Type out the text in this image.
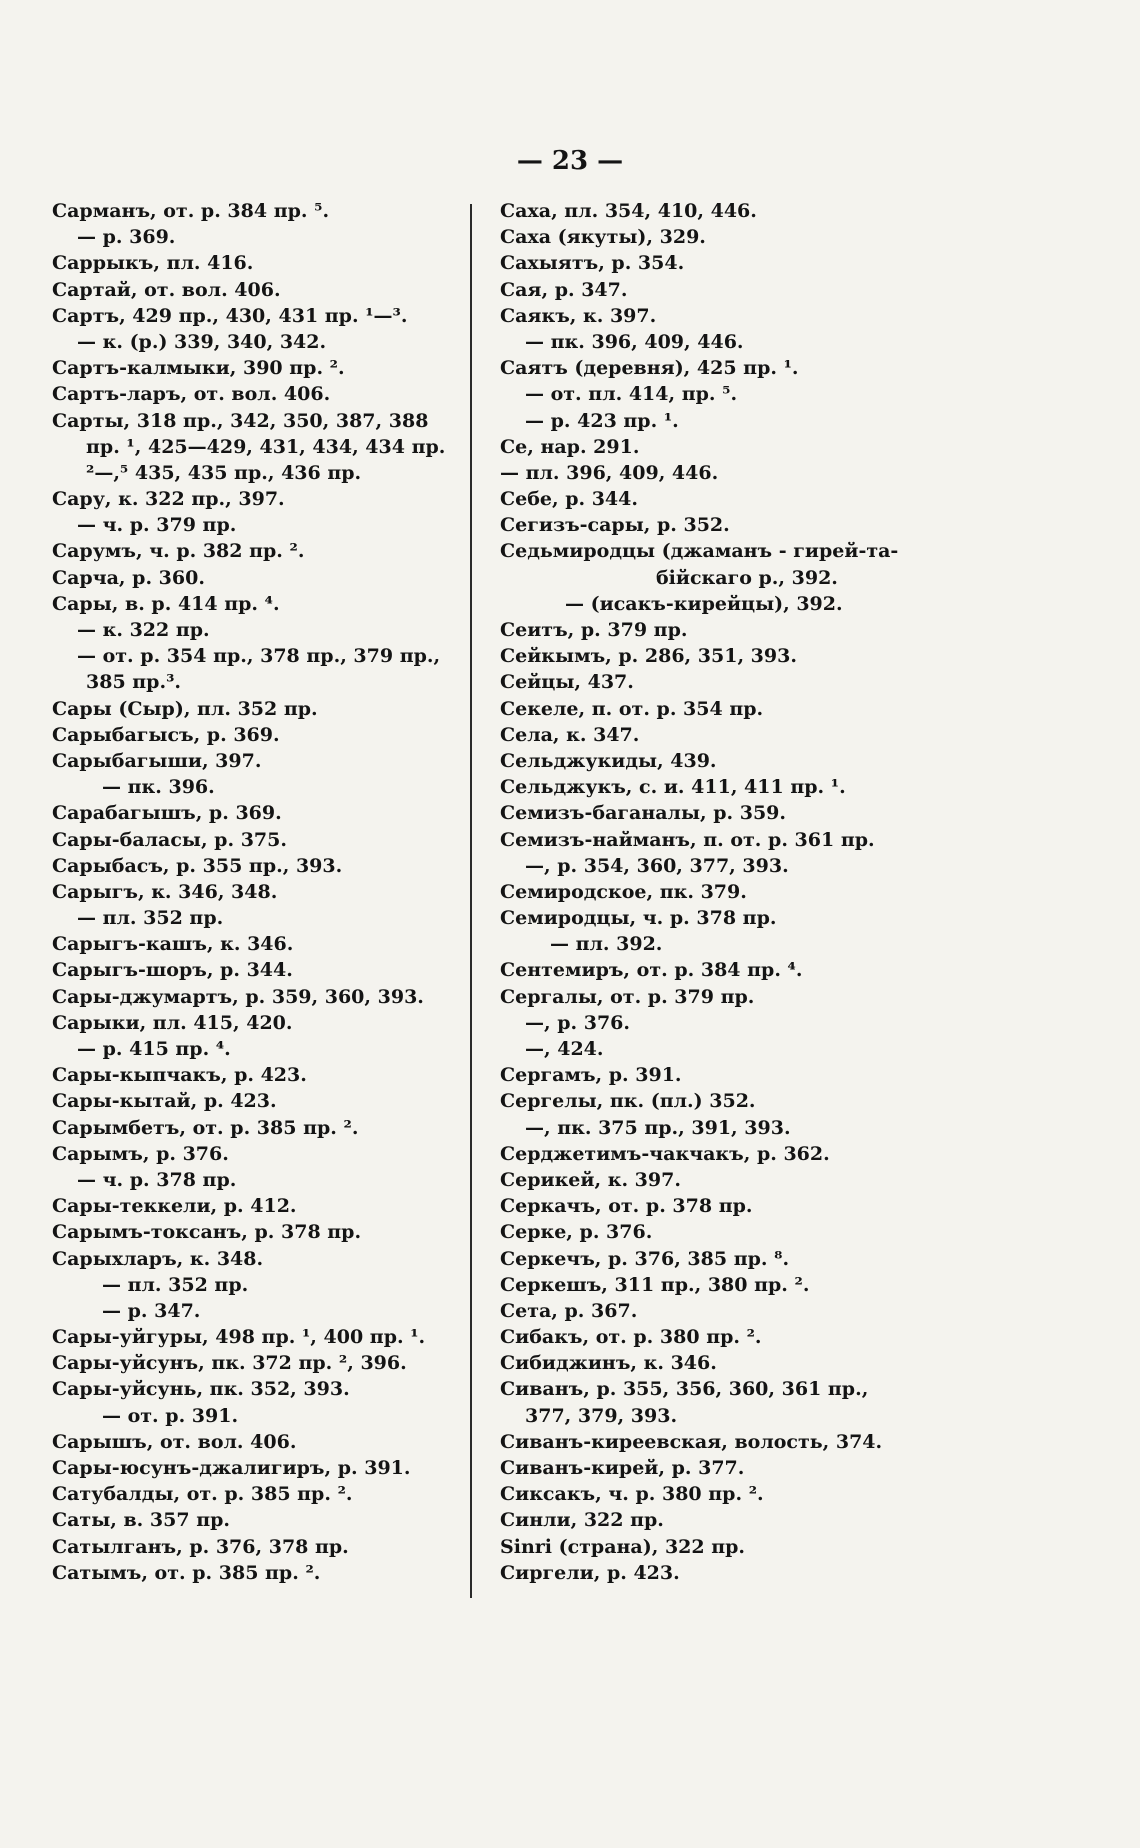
— 23 —
Сарманъ, от. р. 384 пр. ⁵.
— р. 369.
Саррыкъ, пл. 416.
Сартай, от. вол. 406.
Сартъ, 429 пр., 430, 431 пр. ¹—³.
— к. (р.) 339, 340, 342.
Сартъ-калмыки, 390 пр. ².
Сартъ-ларъ, от. вол. 406.
Сарты, 318 пр., 342, 350, 387, 388
пр. ¹, 425—429, 431, 434, 434 пр.
²—,⁵ 435, 435 пр., 436 пр.
Сару, к. 322 пр., 397.
— ч. р. 379 пр.
Сарумъ, ч. р. 382 пр. ².
Сарча, р. 360.
Сары, в. р. 414 пр. ⁴.
— к. 322 пр.
— от. р. 354 пр., 378 пр., 379 пр.,
385 пр.³.
Сары (Сыр), пл. 352 пр.
Сарыбагысъ, р. 369.
Сарыбагыши, 397.
— пк. 396.
Сарабагышъ, р. 369.
Сары-баласы, р. 375.
Сарыбасъ, р. 355 пр., 393.
Сарыгъ, к. 346, 348.
— пл. 352 пр.
Сарыгъ-кашъ, к. 346.
Сарыгъ-шоръ, р. 344.
Сары-джумартъ, р. 359, 360, 393.
Сарыки, пл. 415, 420.
— р. 415 пр. ⁴.
Сары-кыпчакъ, р. 423.
Сары-кытай, р. 423.
Сарымбетъ, от. р. 385 пр. ².
Сарымъ, р. 376.
— ч. р. 378 пр.
Сары-теккели, р. 412.
Сарымъ-токсанъ, р. 378 пр.
Сарыхларъ, к. 348.
— пл. 352 пр.
— р. 347.
Сары-уйгуры, 498 пр. ¹, 400 пр. ¹.
Сары-уйсунъ, пк. 372 пр. ², 396.
Сары-уйсунь, пк. 352, 393.
— от. р. 391.
Сарышъ, от. вол. 406.
Сары-юсунъ-джалигиръ, р. 391.
Сатубалды, от. р. 385 пр. ².
Саты, в. 357 пр.
Сатылганъ, р. 376, 378 пр.
Сатымъ, от. р. 385 пр. ².
Саха, пл. 354, 410, 446.
Саха (якуты), 329.
Сахыятъ, р. 354.
Сая, р. 347.
Саякъ, к. 397.
— пк. 396, 409, 446.
Саятъ (деревня), 425 пр. ¹.
— от. пл. 414, пр. ⁵.
— р. 423 пр. ¹.
Се, нар. 291.
— пл. 396, 409, 446.
Себе, р. 344.
Сегизъ-сары, р. 352.
Седьмиродцы (джаманъ - гирей-та-
бійскаго р., 392.
— (исакъ-кирейцы), 392.
Сеитъ, р. 379 пр.
Сейкымъ, р. 286, 351, 393.
Сейцы, 437.
Секеле, п. от. р. 354 пр.
Села, к. 347.
Сельджукиды, 439.
Сельджукъ, с. и. 411, 411 пр. ¹.
Семизъ-баганалы, р. 359.
Семизъ-найманъ, п. от. р. 361 пр.
—, р. 354, 360, 377, 393.
Семиродское, пк. 379.
Семиродцы, ч. р. 378 пр.
— пл. 392.
Сентемиръ, от. р. 384 пр. ⁴.
Сергалы, от. р. 379 пр.
—, р. 376.
—, 424.
Сергамъ, р. 391.
Сергелы, пк. (пл.) 352.
—, пк. 375 пр., 391, 393.
Серджетимъ-чакчакъ, р. 362.
Серикей, к. 397.
Серкачъ, от. р. 378 пр.
Серке, р. 376.
Серкечъ, р. 376, 385 пр. ⁸.
Серкешъ, 311 пр., 380 пр. ².
Сета, р. 367.
Сибакъ, от. р. 380 пр. ².
Сибиджинъ, к. 346.
Сиванъ, р. 355, 356, 360, 361 пр.,
377, 379, 393.
Сиванъ-киреевская, волость, 374.
Сиванъ-кирей, р. 377.
Сиксакъ, ч. р. 380 пр. ².
Синли, 322 пр.
Sinri (страна), 322 пр.
Сиргели, р. 423.
